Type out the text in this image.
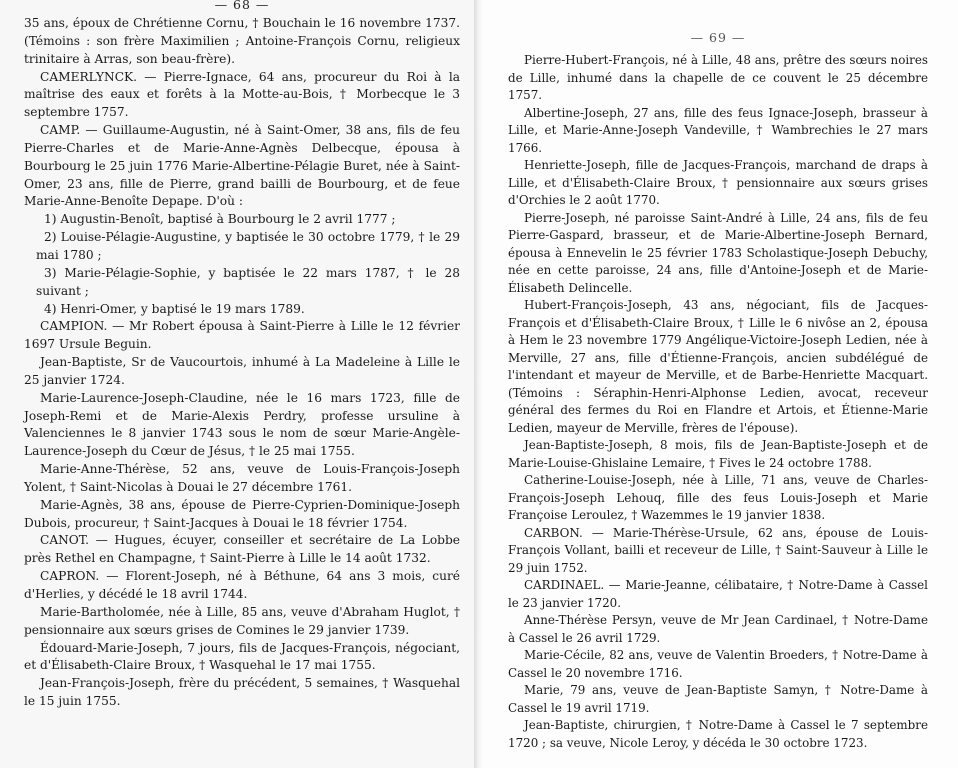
— 68 —

35 ans, époux de Chrétienne Cornu, † Bouchain le 16 novembre 1737. (Témoins : son frère Maximilien ; Antoine-François Cornu, religieux trinitaire à Arras, son beau-frère).

CAMERLYNCK. — Pierre-Ignace, 64 ans, procureur du Roi à la maîtrise des eaux et forêts à la Motte-au-Bois, † Morbecque le 3 septembre 1757.

CAMP. — Guillaume-Augustin, né à Saint-Omer, 38 ans, fils de feu Pierre-Charles et de Marie-Anne-Agnès Delbecque, épousa à Bourbourg le 25 juin 1776 Marie-Albertine-Pélagie Buret, née à Saint-Omer, 23 ans, fille de Pierre, grand bailli de Bourbourg, et de feue Marie-Anne-Benoîte Depape. D'où :

1) Augustin-Benoît, baptisé à Bourbourg le 2 avril 1777 ;

2) Louise-Pélagie-Augustine, y baptisée le 30 octobre 1779, † le 29 mai 1780 ;

3) Marie-Pélagie-Sophie, y baptisée le 22 mars 1787, † le 28 suivant ;

4) Henri-Omer, y baptisé le 19 mars 1789.

CAMPION. — Mr Robert épousa à Saint-Pierre à Lille le 12 février 1697 Ursule Beguin.

Jean-Baptiste, Sr de Vaucourtois, inhumé à La Madeleine à Lille le 25 janvier 1724.

Marie-Laurence-Joseph-Claudine, née le 16 mars 1723, fille de Joseph-Remi et de Marie-Alexis Perdry, professe ursuline à Valenciennes le 8 janvier 1743 sous le nom de sœur Marie-Angèle-Laurence-Joseph du Cœur de Jésus, † le 25 mai 1755.

Marie-Anne-Thérèse, 52 ans, veuve de Louis-François-Joseph Yolent, † Saint-Nicolas à Douai le 27 décembre 1761.

Marie-Agnès, 38 ans, épouse de Pierre-Cyprien-Dominique-Joseph Dubois, procureur, † Saint-Jacques à Douai le 18 février 1754.

CANOT. — Hugues, écuyer, conseiller et secrétaire de La Lobbe près Rethel en Champagne, † Saint-Pierre à Lille le 14 août 1732.

CAPRON. — Florent-Joseph, né à Béthune, 64 ans 3 mois, curé d'Herlies, y décédé le 18 avril 1744.

Marie-Bartholomée, née à Lille, 85 ans, veuve d'Abraham Huglot, † pensionnaire aux sœurs grises de Comines le 29 janvier 1739.

Édouard-Marie-Joseph, 7 jours, fils de Jacques-François, négociant, et d'Élisabeth-Claire Broux, † Wasquehal le 17 mai 1755.

Jean-François-Joseph, frère du précédent, 5 semaines, † Wasquehal le 15 juin 1755.

— 69 —

Pierre-Hubert-François, né à Lille, 48 ans, prêtre des sœurs noires de Lille, inhumé dans la chapelle de ce couvent le 25 décembre 1757.

Albertine-Joseph, 27 ans, fille des feus Ignace-Joseph, brasseur à Lille, et Marie-Anne-Joseph Vandeville, † Wambrechies le 27 mars 1766.

Henriette-Joseph, fille de Jacques-François, marchand de draps à Lille, et d'Élisabeth-Claire Broux, † pensionnaire aux sœurs grises d'Orchies le 2 août 1770.

Pierre-Joseph, né paroisse Saint-André à Lille, 24 ans, fils de feu Pierre-Gaspard, brasseur, et de Marie-Albertine-Joseph Bernard, épousa à Ennevelin le 25 février 1783 Scholastique-Joseph Debuchy, née en cette paroisse, 24 ans, fille d'Antoine-Joseph et de Marie-Élisabeth Delincelle.

Hubert-François-Joseph, 43 ans, négociant, fils de Jacques-François et d'Élisabeth-Claire Broux, † Lille le 6 nivôse an 2, épousa à Hem le 23 novembre 1779 Angélique-Victoire-Joseph Ledien, née à Merville, 27 ans, fille d'Étienne-François, ancien subdélégué de l'intendant et mayeur de Merville, et de Barbe-Henriette Macquart. (Témoins : Séraphin-Henri-Alphonse Ledien, avocat, receveur général des fermes du Roi en Flandre et Artois, et Étienne-Marie Ledien, mayeur de Merville, frères de l'épouse).

Jean-Baptiste-Joseph, 8 mois, fils de Jean-Baptiste-Joseph et de Marie-Louise-Ghislaine Lemaire, † Fives le 24 octobre 1788.

Catherine-Louise-Joseph, née à Lille, 71 ans, veuve de Charles-François-Joseph Lehouq, fille des feus Louis-Joseph et Marie Françoise Leroulez, † Wazemmes le 19 janvier 1838.

CARBON. — Marie-Thérèse-Ursule, 62 ans, épouse de Louis-François Vollant, bailli et receveur de Lille, † Saint-Sauveur à Lille le 29 juin 1752.

CARDINAEL. — Marie-Jeanne, célibataire, † Notre-Dame à Cassel le 23 janvier 1720.

Anne-Thérèse Persyn, veuve de Mr Jean Cardinael, † Notre-Dame à Cassel le 26 avril 1729.

Marie-Cécile, 82 ans, veuve de Valentin Broeders, † Notre-Dame à Cassel le 20 novembre 1716.

Marie, 79 ans, veuve de Jean-Baptiste Samyn, † Notre-Dame à Cassel le 19 avril 1719.

Jean-Baptiste, chirurgien, † Notre-Dame à Cassel le 7 septembre 1720 ; sa veuve, Nicole Leroy, y décéda le 30 octobre 1723.
